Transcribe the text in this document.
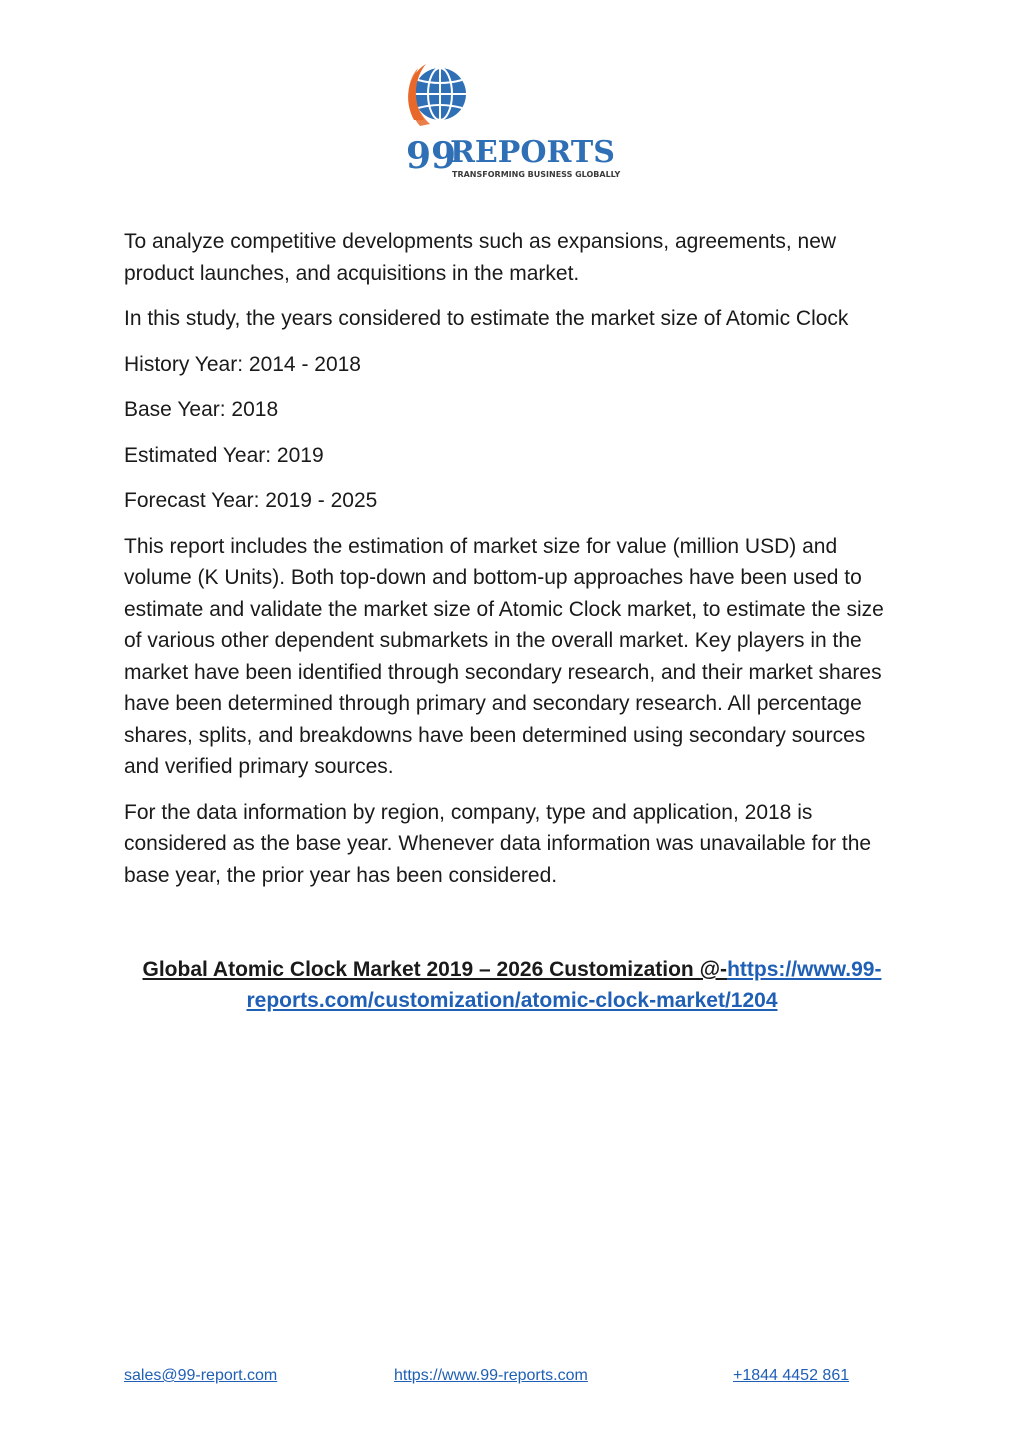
99
REPORTS
TRANSFORMING BUSINESS GLOBALLY

To analyze competitive developments such as expansions, agreements, new product launches, and acquisitions in the market.

In this study, the years considered to estimate the market size of Atomic Clock

History Year: 2014 - 2018

Base Year: 2018

Estimated Year: 2019

Forecast Year: 2019 - 2025

This report includes the estimation of market size for value (million USD) and volume (K Units). Both top-down and bottom-up approaches have been used to estimate and validate the market size of Atomic Clock market, to estimate the size of various other dependent submarkets in the overall market. Key players in the market have been identified through secondary research, and their market shares have been determined through primary and secondary research. All percentage shares, splits, and breakdowns have been determined using secondary sources and verified primary sources.

For the data information by region, company, type and application, 2018 is considered as the base year. Whenever data information was unavailable for the base year, the prior year has been considered.

Global Atomic Clock Market 2019 – 2026 Customization @-https://www.99-reports.com/customization/atomic-clock-market/1204
sales@99-report.com	https://www.99-reports.com	+1844 4452 861
